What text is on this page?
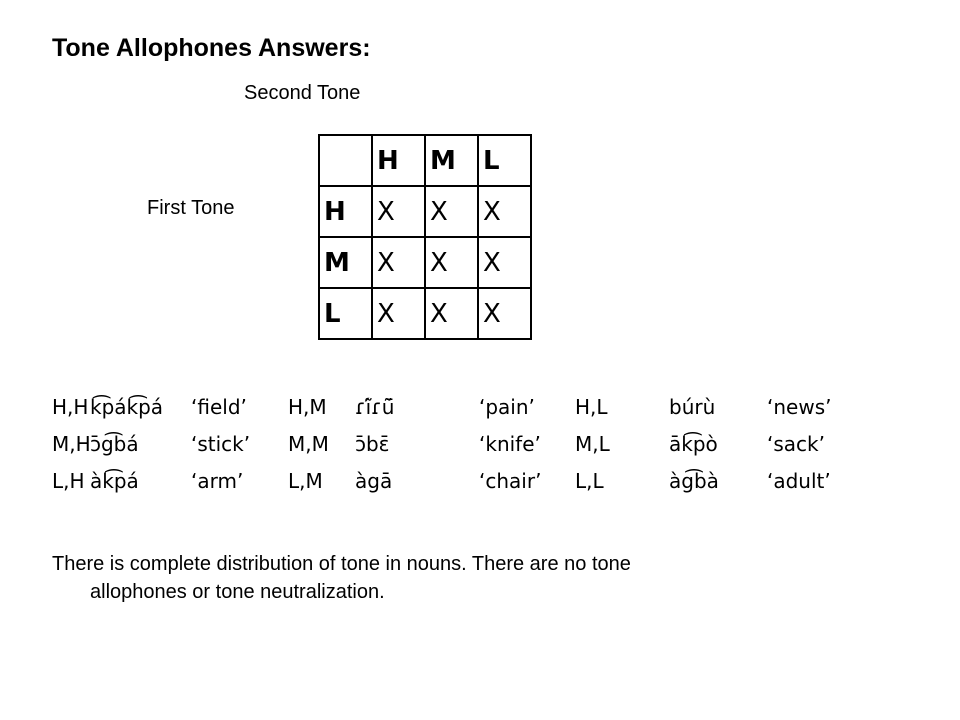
Tone Allophones Answers:
Second Tone
First Tone
	H	M	L
H	X	X	X
M	X	X	X
L	X	X	X
H,H k͡pák͡pá ‘field’ H,M ɾĩ́ɾũ̄	‘pain’ H,L	búrù	‘news’
M,H ɔ̄g͡bá	‘stick’ M,M ɔ̄bɛ̄	‘knife’ M,L	āk͡pò ‘sack’
L,H àk͡pá	‘arm’ L,M àgā	‘chair’ L,L	àg͡bà ‘adult’
There is complete distribution of tone in nouns. There are no tone
allophones or tone neutralization.
